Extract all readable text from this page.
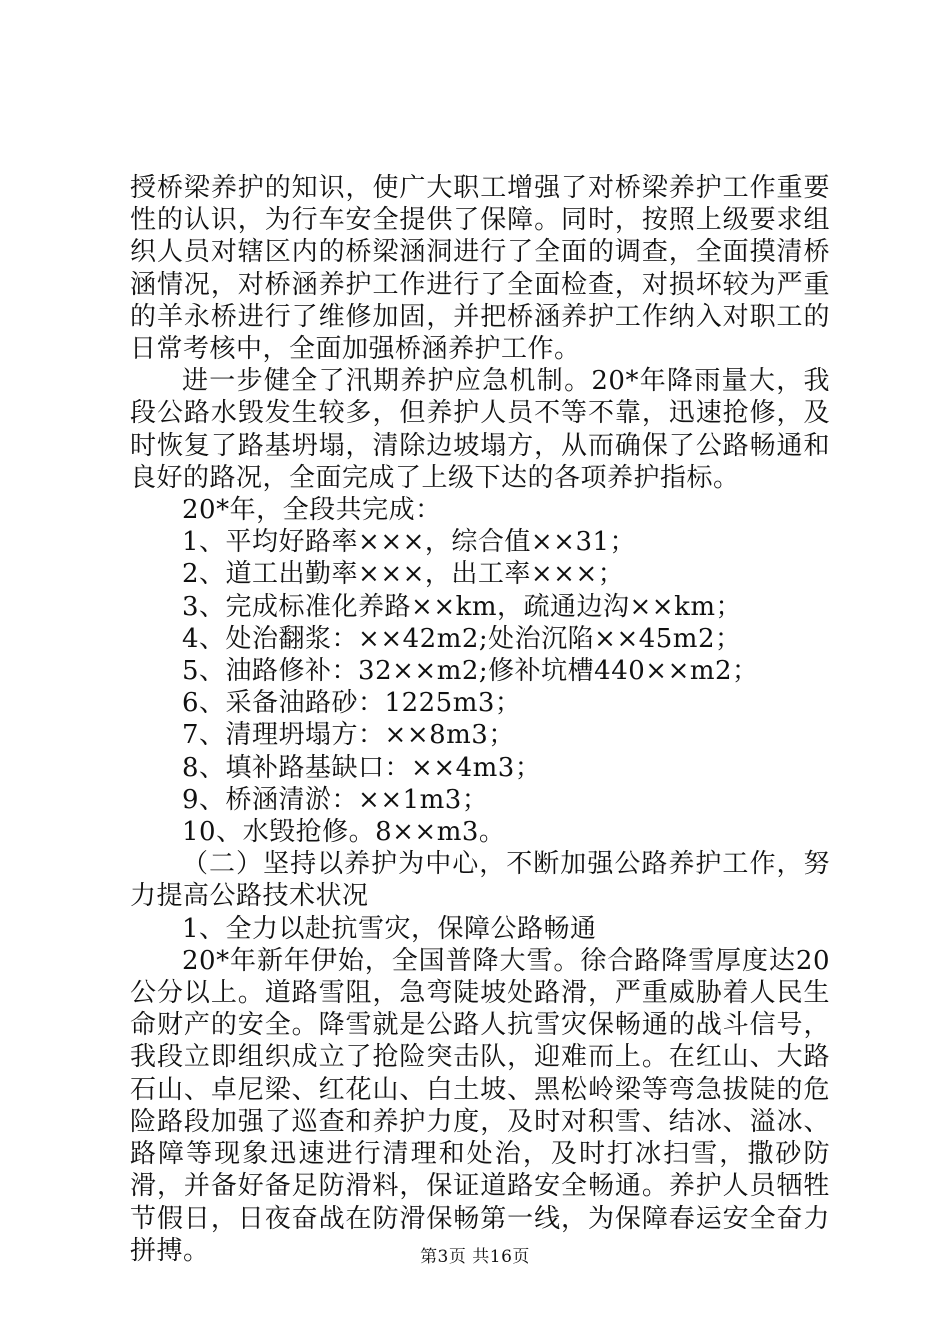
授桥梁养护的知识，使广大职工增强了对桥梁养护工作重要性的认识，为行车安全提供了保障。同时，按照上级要求组织人员对辖区内的桥梁涵洞进行了全面的调查，全面摸清桥涵情况，对桥涵养护工作进行了全面检查，对损坏较为严重的羊永桥进行了维修加固，并把桥涵养护工作纳入对职工的日常考核中，全面加强桥涵养护工作。

进一步健全了汛期养护应急机制。20*年降雨量大，我段公路水毁发生较多，但养护人员不等不靠，迅速抢修，及时恢复了路基坍塌，清除边坡塌方，从而确保了公路畅通和良好的路况，全面完成了上级下达的各项养护指标。

20*年，全段共完成：

1、平均好路率×××，综合值××31；

2、道工出勤率×××，出工率×××；

3、完成标准化养路××km，疏通边沟××km；

4、处治翻浆：××42m2;处治沉陷××45m2；

5、油路修补：32××m2;修补坑槽440××m2；

6、采备油路砂：1225m3；

7、清理坍塌方：××8m3；

8、填补路基缺口：××4m3；

9、桥涵清淤：××1m3；

10、水毁抢修。8××m3。

（二）坚持以养护为中心，不断加强公路养护工作，努力提高公路技术状况

1、全力以赴抗雪灾，保障公路畅通

20*年新年伊始，全国普降大雪。徐合路降雪厚度达20公分以上。道路雪阻，急弯陡坡处路滑，严重威胁着人民生命财产的安全。降雪就是公路人抗雪灾保畅通的战斗信号，我段立即组织成立了抢险突击队，迎难而上。在红山、大路石山、卓尼梁、红花山、白土坡、黑松岭梁等弯急拔陡的危险路段加强了巡查和养护力度，及时对积雪、结冰、溢冰、路障等现象迅速进行清理和处治，及时打冰扫雪，撒砂防滑，并备好备足防滑料，保证道路安全畅通。养护人员牺牲节假日，日夜奋战在防滑保畅第一线，为保障春运安全奋力拼搏。	第3页 共16页
